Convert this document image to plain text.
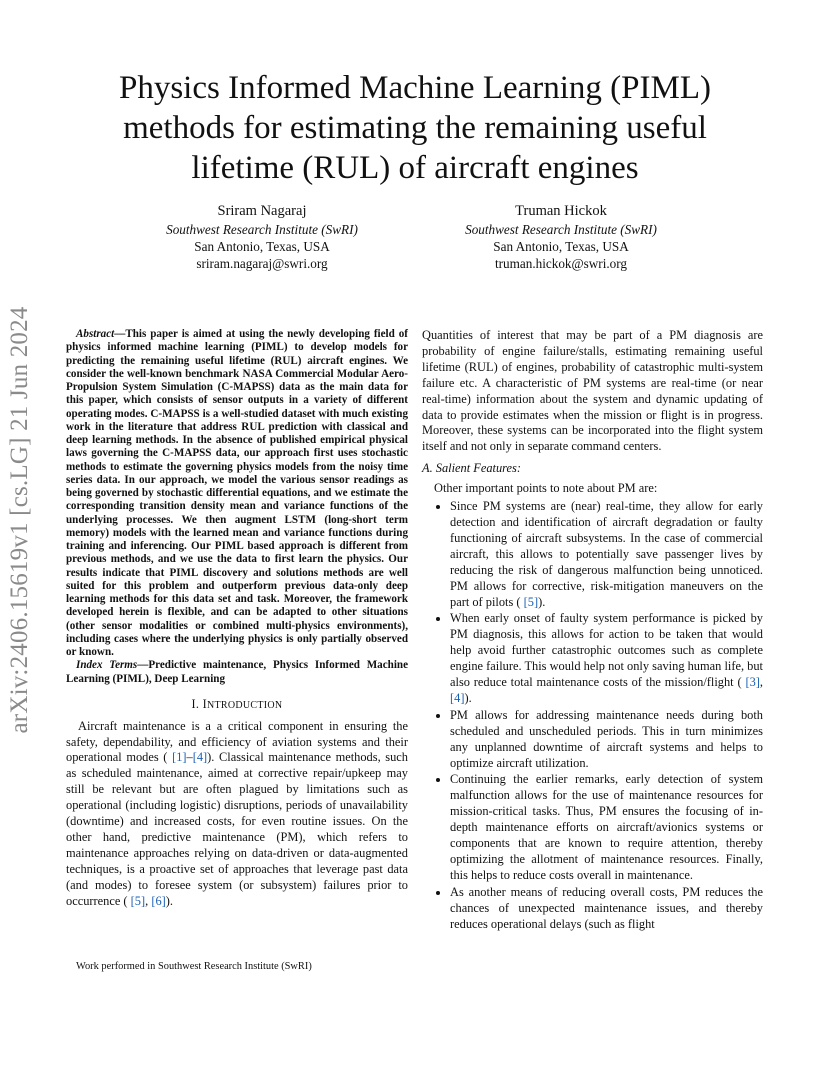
arXiv:2406.15619v1 [cs.LG] 21 Jun 2024
Physics Informed Machine Learning (PIML) methods for estimating the remaining useful lifetime (RUL) of aircraft engines
Sriram Nagaraj
Southwest Research Institute (SwRI)
San Antonio, Texas, USA
sriram.nagaraj@swri.org
Truman Hickok
Southwest Research Institute (SwRI)
San Antonio, Texas, USA
truman.hickok@swri.org

Abstract—This paper is aimed at using the newly developing field of physics informed machine learning (PIML) to develop models for predicting the remaining useful lifetime (RUL) aircraft engines. We consider the well-known benchmark NASA Commercial Modular Aero-Propulsion System Simulation (C-MAPSS) data as the main data for this paper, which consists of sensor outputs in a variety of different operating modes. C-MAPSS is a well-studied dataset with much existing work in the literature that address RUL prediction with classical and deep learning methods. In the absence of published empirical physical laws governing the C-MAPSS data, our approach first uses stochastic methods to estimate the governing physics models from the noisy time series data. In our approach, we model the various sensor readings as being governed by stochastic differential equations, and we estimate the corresponding transition density mean and variance functions of the underlying processes. We then augment LSTM (long-short term memory) models with the learned mean and variance functions during training and inferencing. Our PIML based approach is different from previous methods, and we use the data to first learn the physics. Our results indicate that PIML discovery and solutions methods are well suited for this problem and outperform previous data-only deep learning methods for this data set and task. Moreover, the framework developed herein is flexible, and can be adapted to other situations (other sensor modalities or combined multi-physics environments), including cases where the underlying physics is only partially observed or known.

Index Terms—Predictive maintenance, Physics Informed Machine Learning (PIML), Deep Learning

I. INTRODUCTION

Aircraft maintenance is a a critical component in ensuring the safety, dependability, and efficiency of aviation systems and their operational modes ( [1]–[4]). Classical maintenance methods, such as scheduled maintenance, aimed at corrective repair/upkeep may still be relevant but are often plagued by limitations such as operational (including logistic) disruptions, periods of unavailability (downtime) and increased costs, for even routine issues. On the other hand, predictive maintenance (PM), which refers to maintenance approaches relying on data-driven or data-augmented techniques, is a proactive set of approaches that leverage past data (and modes) to foresee system (or subsystem) failures prior to occurrence ( [5], [6]).

Work performed in Southwest Research Institute (SwRI)

Quantities of interest that may be part of a PM diagnosis are probability of engine failure/stalls, estimating remaining useful lifetime (RUL) of engines, probability of catastrophic multi-system failure etc. A characteristic of PM systems are real-time (or near real-time) information about the system and dynamic updating of data to provide estimates when the mission or flight is in progress. Moreover, these systems can be incorporated into the flight system itself and not only in separate command centers.

A. Salient Features:

Other important points to note about PM are:

• Since PM systems are (near) real-time, they allow for early detection and identification of aircraft degradation or faulty functioning of aircraft subsystems. In the case of commercial aircraft, this allows to potentially save passenger lives by reducing the risk of dangerous malfunction being unnoticed. PM allows for corrective, risk-mitigation maneuvers on the part of pilots ( [5]).
• When early onset of faulty system performance is picked by PM diagnosis, this allows for action to be taken that would help avoid further catastrophic outcomes such as complete engine failure. This would help not only saving human life, but also reduce total maintenance costs of the mission/flight ( [3], [4]).
• PM allows for addressing maintenance needs during both scheduled and unscheduled periods. This in turn minimizes any unplanned downtime of aircraft systems and helps to optimize aircraft utilization.
• Continuing the earlier remarks, early detection of system malfunction allows for the use of maintenance resources for mission-critical tasks. Thus, PM ensures the focusing of in-depth maintenance efforts on aircraft/avionics systems or components that are known to require attention, thereby optimizing the allotment of maintenance resources. Finally, this helps to reduce costs overall in maintenance.
• As another means of reducing overall costs, PM reduces the chances of unexpected maintenance issues, and thereby reduces operational delays (such as flight
